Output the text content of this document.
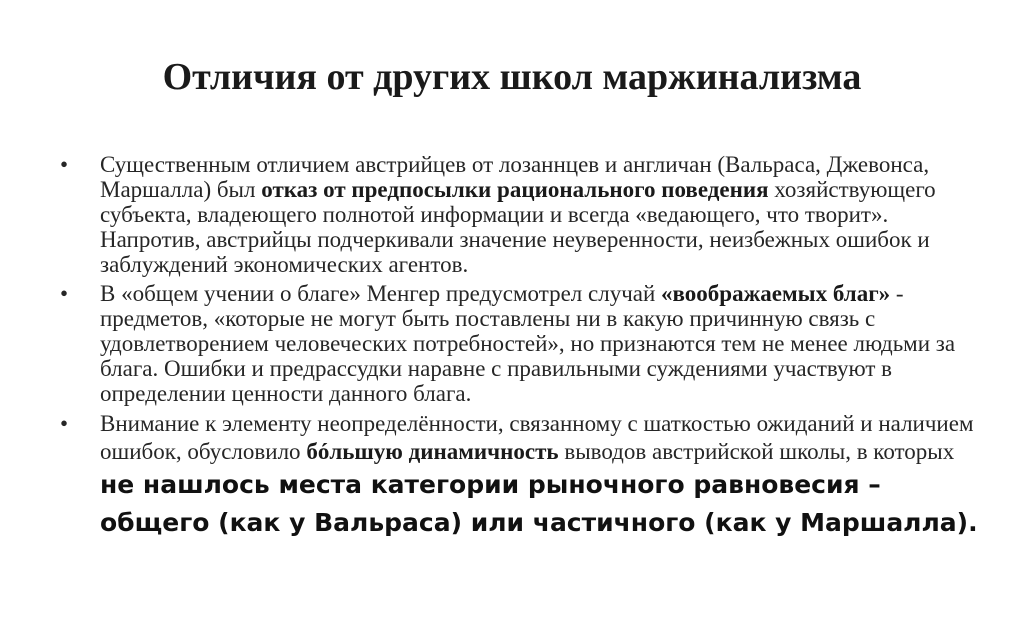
Отличия от других школ маржинализма
•	Существенным отличием австрийцев от лозаннцев и англичан (Вальраса, Джевонса, Маршалла) был отказ от предпосылки рационального поведения хозяйствующего субъекта, владеющего полнотой информации и всегда «ведающего, что творит». Напротив, австрийцы подчеркивали значение неуверенности, неизбежных ошибок и заблуждений экономических агентов.
•	В «общем учении о благе» Менгер предусмотрел случай «воображаемых благ» - предметов, «которые не могут быть поставлены ни в какую причинную связь с удовлетворением человеческих потребностей», но признаются тем не менее людьми за блага. Ошибки и предрассудки наравне с правильными суждениями участвуют в определении ценности данного блага.
•	Внимание к элементу неопределённости, связанному с шаткостью ожиданий и наличием ошибок, обусловило бóльшую динамичность выводов австрийской школы, в которых не нашлось места категории рыночного равновесия – общего (как у Вальраса) или частичного (как у Маршалла).
